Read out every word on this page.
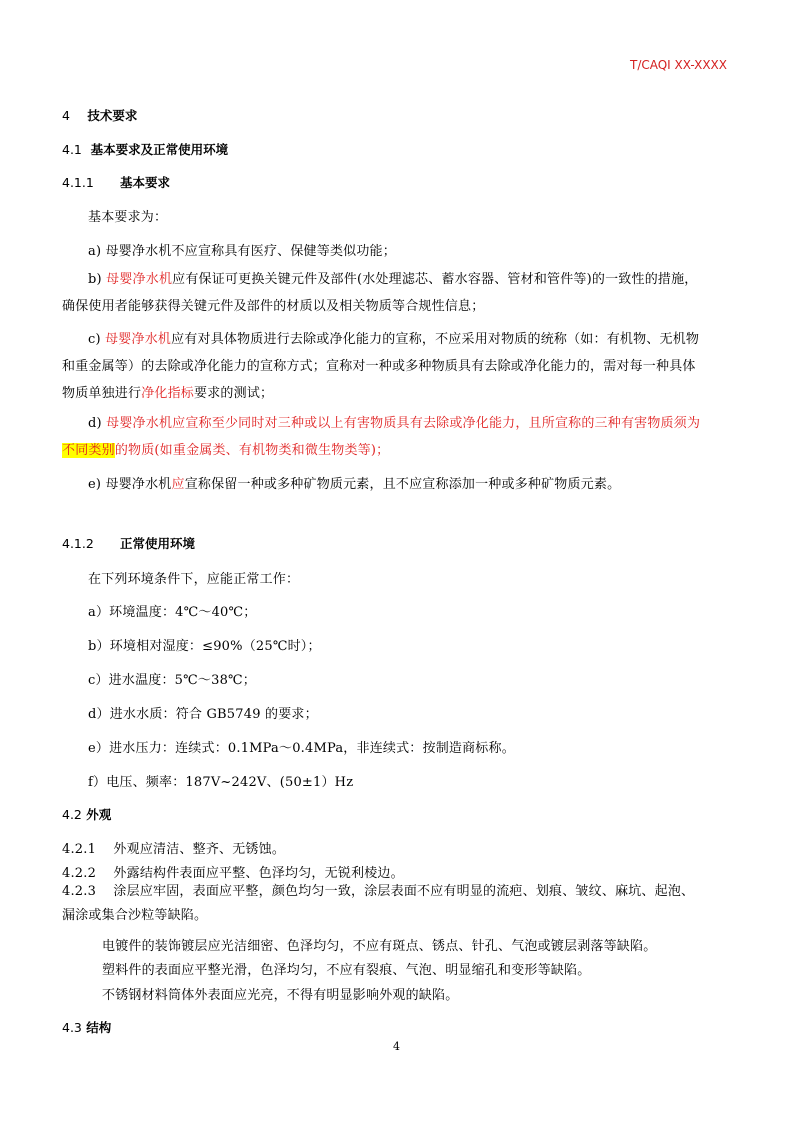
T/CAQI XX-XXXX
4 技术要求
4.1 基本要求及正常使用环境
4.1.1 基本要求
基本要求为：
a) 母婴净水机不应宣称具有医疗、保健等类似功能；
b) 母婴净水机应有保证可更换关键元件及部件(水处理滤芯、蓄水容器、管材和管件等)的一致性的措施，确保使用者能够获得关键元件及部件的材质以及相关物质等合规性信息；
c) 母婴净水机应有对具体物质进行去除或净化能力的宣称，不应采用对物质的统称（如：有机物、无机物和重金属等）的去除或净化能力的宣称方式；宣称对一种或多种物质具有去除或净化能力的，需对每一种具体物质单独进行净化指标要求的测试；
d) 母婴净水机应宣称至少同时对三种或以上有害物质具有去除或净化能力，且所宣称的三种有害物质须为不同类别的物质(如重金属类、有机物类和微生物类等)；
e) 母婴净水机应宣称保留一种或多种矿物质元素，且不应宣称添加一种或多种矿物质元素。
4.1.2 正常使用环境
在下列环境条件下，应能正常工作：
a）环境温度：4℃～40℃；
b）环境相对湿度：≤90%（25℃时）；
c）进水温度：5℃～38℃；
d）进水水质：符合 GB5749 的要求；
e）进水压力：连续式：0.1MPa～0.4MPa，非连续式：按制造商标称。
f）电压、频率：187V~242V、(50±1）Hz
4.2 外观
4.2.1 外观应清洁、整齐、无锈蚀。
4.2.2 外露结构件表面应平整、色泽均匀，无锐利棱边。
4.2.3 涂层应牢固，表面应平整，颜色均匀一致，涂层表面不应有明显的流疤、划痕、皱纹、麻坑、起泡、漏涂或集合沙粒等缺陷。
电镀件的装饰镀层应光洁细密、色泽均匀，不应有斑点、锈点、针孔、气泡或镀层剥落等缺陷。
塑料件的表面应平整光滑，色泽均匀，不应有裂痕、气泡、明显缩孔和变形等缺陷。
不锈钢材料筒体外表面应光亮，不得有明显影响外观的缺陷。
4.3 结构
4
